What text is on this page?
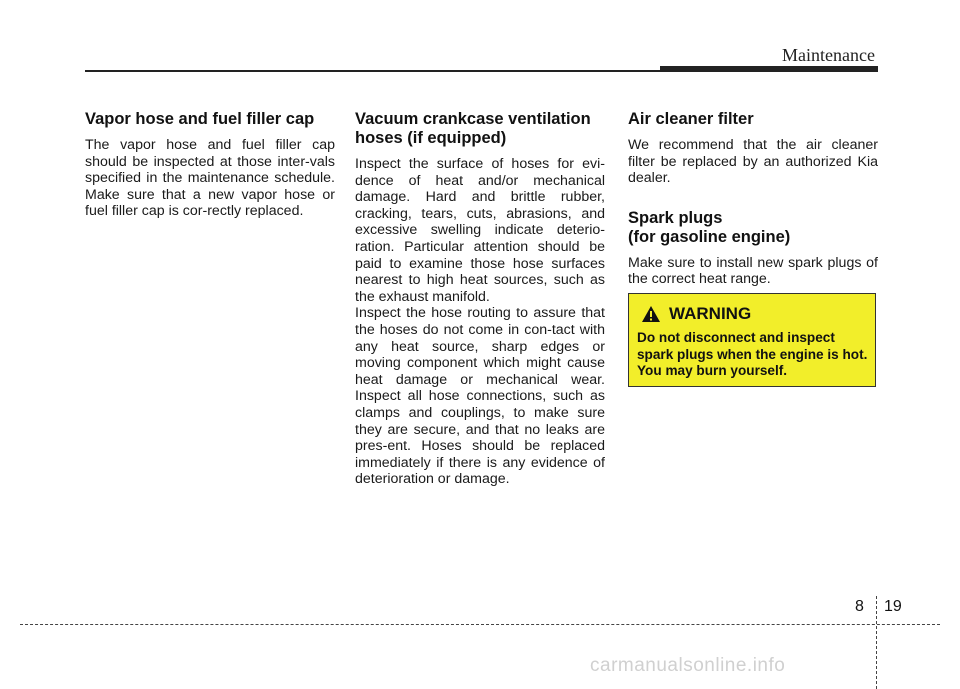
Maintenance
Vapor hose and fuel filler cap

The vapor hose and fuel filler cap should be inspected at those inter-vals specified in the maintenance schedule. Make sure that a new vapor hose or fuel filler cap is cor-rectly replaced.

Vacuum crankcase ventilation hoses (if equipped)

Inspect the surface of hoses for evi-dence of heat and/or mechanical damage. Hard and brittle rubber, cracking, tears, cuts, abrasions, and excessive swelling indicate deterio-ration. Particular attention should be paid to examine those hose surfaces nearest to high heat sources, such as the exhaust manifold.

Inspect the hose routing to assure that the hoses do not come in con-tact with any heat source, sharp edges or moving component which might cause heat damage or mechanical wear. Inspect all hose connections, such as clamps and couplings, to make sure they are secure, and that no leaks are pres-ent. Hoses should be replaced immediately if there is any evidence of deterioration or damage.

Air cleaner filter

We recommend that the air cleaner filter be replaced by an authorized Kia dealer.

Spark plugs
(for gasoline engine)

Make sure to install new spark plugs of the correct heat range.

WARNING
Do not disconnect and inspect spark plugs when the engine is hot. You may burn yourself.
8 19
carmanualsonline.info
